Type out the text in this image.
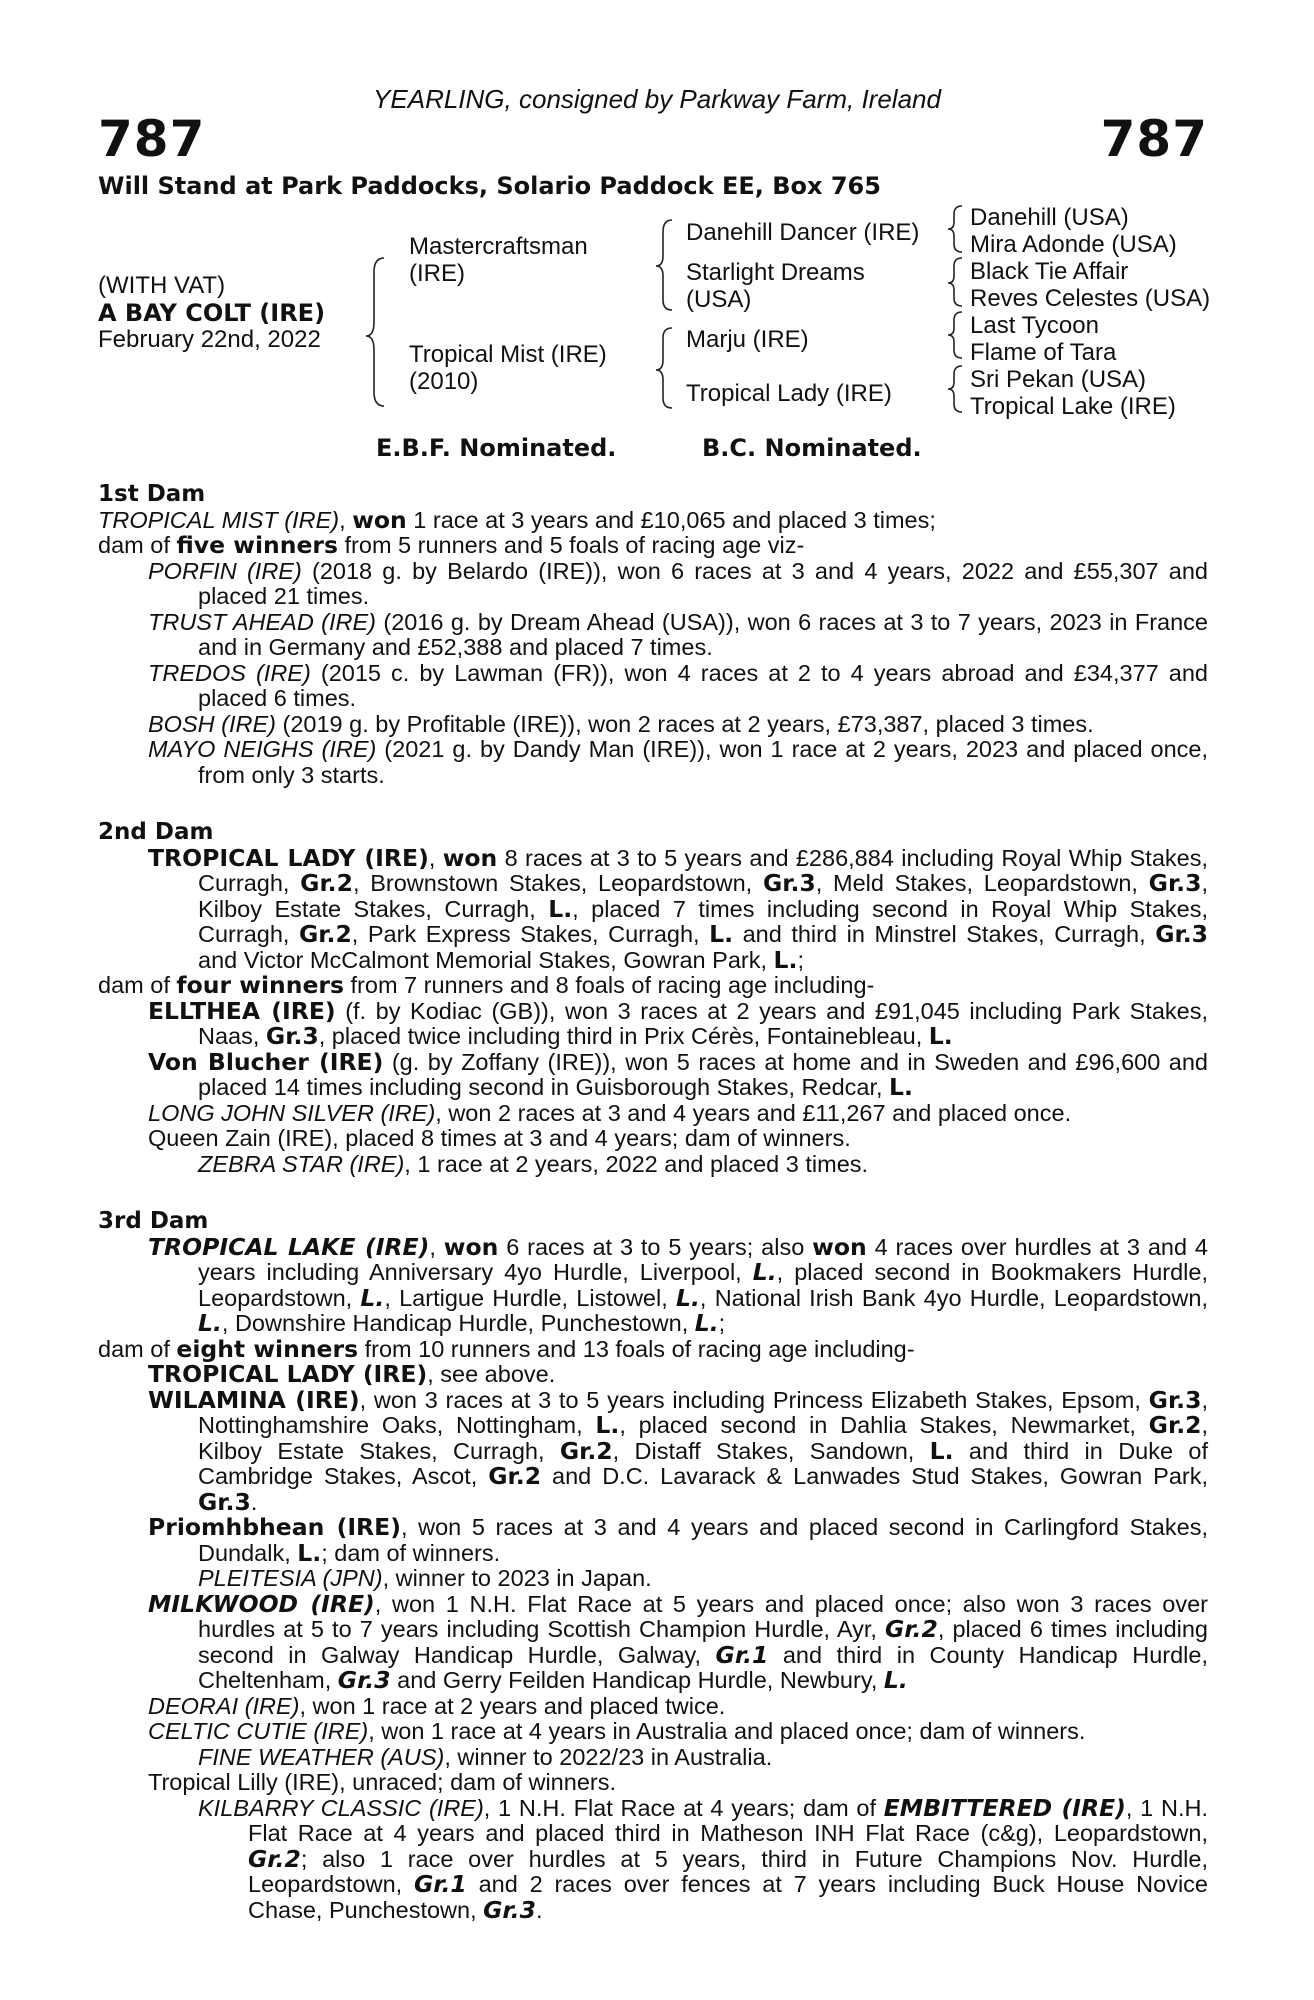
YEARLING, consigned by Parkway Farm, Ireland
787	787
Will Stand at Park Paddocks, Solario Paddock EE, Box 765
(WITH VAT)
A BAY COLT (IRE)
February 22nd, 2022
Mastercraftsman
(IRE)
Tropical Mist (IRE)
(2010)
Danehill Dancer (IRE)
Starlight Dreams
(USA)
Marju (IRE)
Tropical Lady (IRE)
Danehill (USA)
Mira Adonde (USA)
Black Tie Affair
Reves Celestes (USA)
Last Tycoon
Flame of Tara
Sri Pekan (USA)
Tropical Lake (IRE)
E.B.F. Nominated.	B.C. Nominated.

1st Dam

TROPICAL MIST (IRE), won 1 race at 3 years and £10,065 and placed 3 times;

dam of five winners from 5 runners and 5 foals of racing age viz-

PORFIN (IRE) (2018 g. by Belardo (IRE)), won 6 races at 3 and 4 years, 2022 and £55,307 and placed 21 times.

TRUST AHEAD (IRE) (2016 g. by Dream Ahead (USA)), won 6 races at 3 to 7 years, 2023 in France and in Germany and £52,388 and placed 7 times.

TREDOS (IRE) (2015 c. by Lawman (FR)), won 4 races at 2 to 4 years abroad and £34,377 and placed 6 times.

BOSH (IRE) (2019 g. by Profitable (IRE)), won 2 races at 2 years, £73,387, placed 3 times.

MAYO NEIGHS (IRE) (2021 g. by Dandy Man (IRE)), won 1 race at 2 years, 2023 and placed once, from only 3 starts.

2nd Dam

TROPICAL LADY (IRE), won 8 races at 3 to 5 years and £286,884 including Royal Whip Stakes, Curragh, Gr.2, Brownstown Stakes, Leopardstown, Gr.3, Meld Stakes, Leopardstown, Gr.3, Kilboy Estate Stakes, Curragh, L., placed 7 times including second in Royal Whip Stakes, Curragh, Gr.2, Park Express Stakes, Curragh, L. and third in Minstrel Stakes, Curragh, Gr.3 and Victor McCalmont Memorial Stakes, Gowran Park, L.;

dam of four winners from 7 runners and 8 foals of racing age including-

ELLTHEA (IRE) (f. by Kodiac (GB)), won 3 races at 2 years and £91,045 including Park Stakes, Naas, Gr.3, placed twice including third in Prix Cérès, Fontainebleau, L.

Von Blucher (IRE) (g. by Zoffany (IRE)), won 5 races at home and in Sweden and £96,600 and placed 14 times including second in Guisborough Stakes, Redcar, L.

LONG JOHN SILVER (IRE), won 2 races at 3 and 4 years and £11,267 and placed once.

Queen Zain (IRE), placed 8 times at 3 and 4 years; dam of winners.

ZEBRA STAR (IRE), 1 race at 2 years, 2022 and placed 3 times.

3rd Dam

TROPICAL LAKE (IRE), won 6 races at 3 to 5 years; also won 4 races over hurdles at 3 and 4 years including Anniversary 4yo Hurdle, Liverpool, L., placed second in Bookmakers Hurdle, Leopardstown, L., Lartigue Hurdle, Listowel, L., National Irish Bank 4yo Hurdle, Leopardstown, L., Downshire Handicap Hurdle, Punchestown, L.;

dam of eight winners from 10 runners and 13 foals of racing age including-

TROPICAL LADY (IRE), see above.

WILAMINA (IRE), won 3 races at 3 to 5 years including Princess Elizabeth Stakes, Epsom, Gr.3, Nottinghamshire Oaks, Nottingham, L., placed second in Dahlia Stakes, Newmarket, Gr.2, Kilboy Estate Stakes, Curragh, Gr.2, Distaff Stakes, Sandown, L. and third in Duke of Cambridge Stakes, Ascot, Gr.2 and D.C. Lavarack & Lanwades Stud Stakes, Gowran Park, Gr.3.

Priomhbhean (IRE), won 5 races at 3 and 4 years and placed second in Carlingford Stakes, Dundalk, L.; dam of winners.

PLEITESIA (JPN), winner to 2023 in Japan.

MILKWOOD (IRE), won 1 N.H. Flat Race at 5 years and placed once; also won 3 races over hurdles at 5 to 7 years including Scottish Champion Hurdle, Ayr, Gr.2, placed 6 times including second in Galway Handicap Hurdle, Galway, Gr.1 and third in County Handicap Hurdle, Cheltenham, Gr.3 and Gerry Feilden Handicap Hurdle, Newbury, L.

DEORAI (IRE), won 1 race at 2 years and placed twice.

CELTIC CUTIE (IRE), won 1 race at 4 years in Australia and placed once; dam of winners.

FINE WEATHER (AUS), winner to 2022/23 in Australia.

Tropical Lilly (IRE), unraced; dam of winners.

KILBARRY CLASSIC (IRE), 1 N.H. Flat Race at 4 years; dam of EMBITTERED (IRE), 1 N.H. Flat Race at 4 years and placed third in Matheson INH Flat Race (c&g), Leopardstown, Gr.2; also 1 race over hurdles at 5 years, third in Future Champions Nov. Hurdle, Leopardstown, Gr.1 and 2 races over fences at 7 years including Buck House Novice Chase, Punchestown, Gr.3.
